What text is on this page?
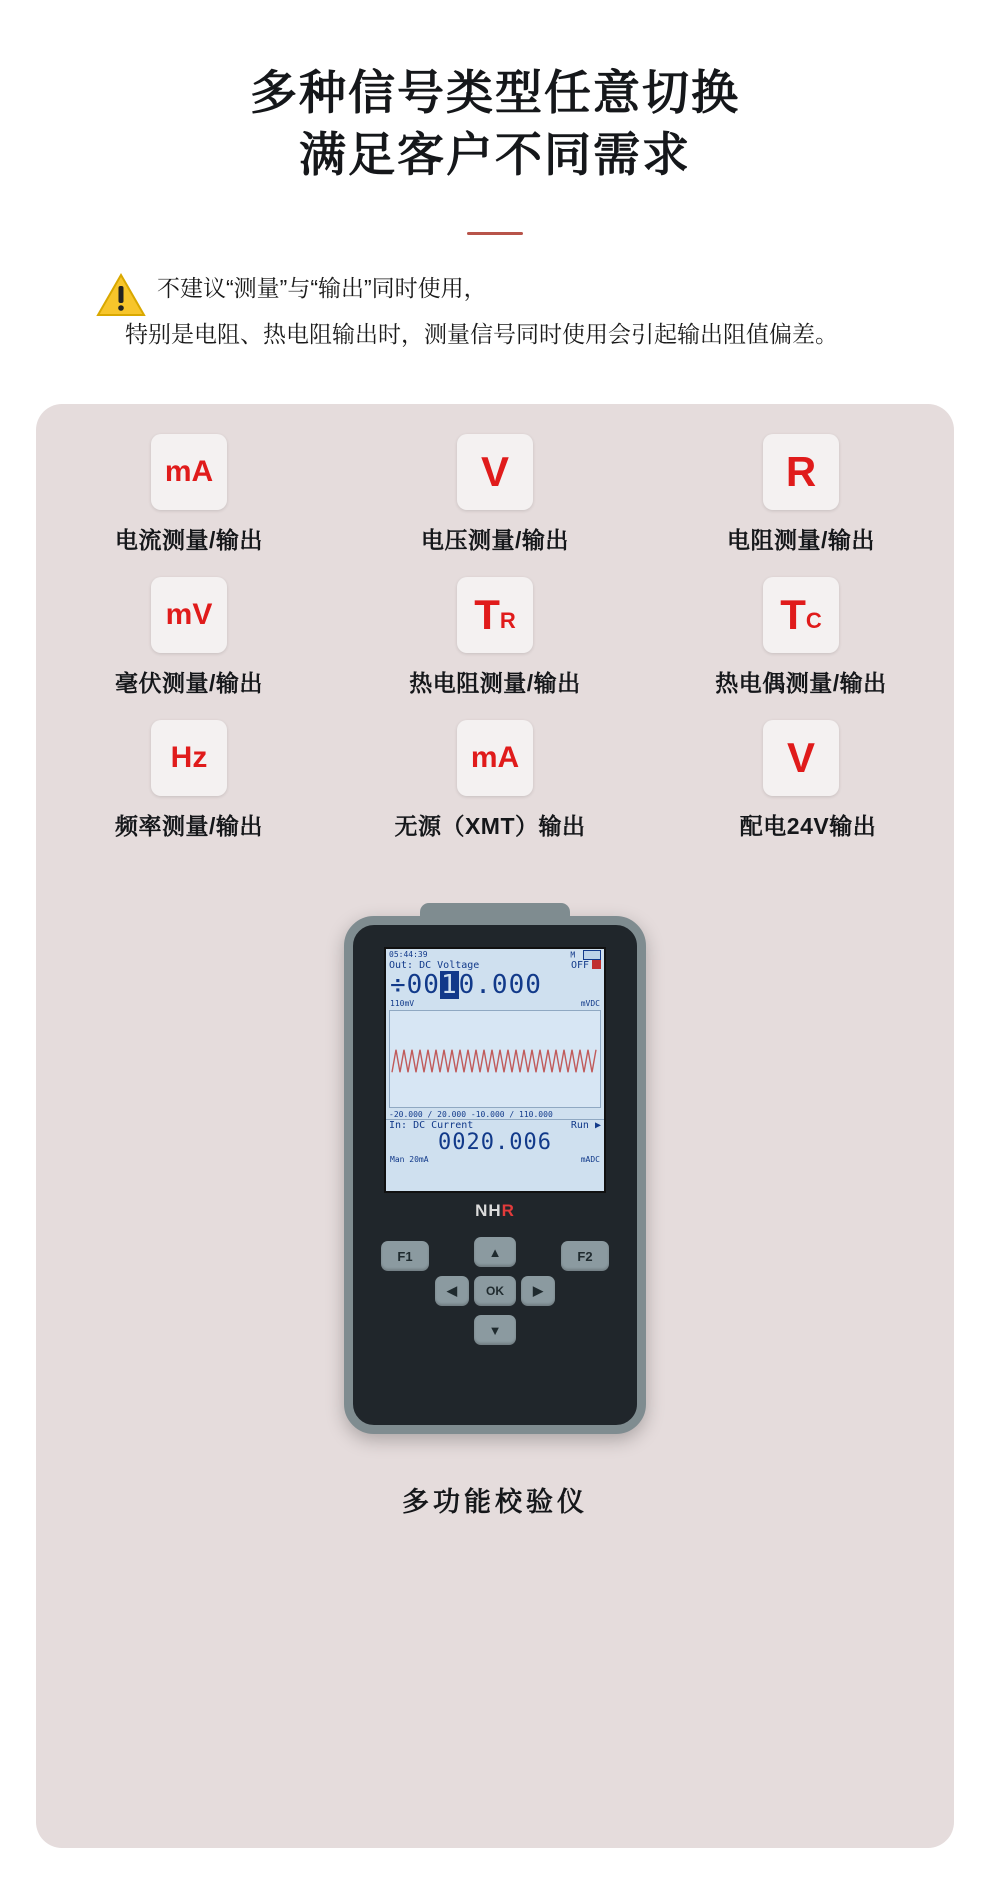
多种信号类型任意切换
满足客户不同需求
不建议“测量”与“输出”同时使用，
特别是电阻、热电阻输出时，测量信号同时使用会引起输出阻值偏差。
mA
电流测量/输出
V
电压测量/输出
R
电阻测量/输出
mV
毫伏测量/输出
T R
热电阻测量/输出
T C
热电偶测量/输出
Hz
频率测量/输出
mA
无源（XMT）输出
V
配电24V输出
05:44:39	M
Out: DC Voltage	OFF
÷0010.000
110mV	mVDC
-20.000 / 20.000 -10.000 / 110.000
In: DC Current	Run ▶
0020.006
Man 20mA	mADC
NHR
F1	F2
▲
◀	OK	▶
▼
多功能校验仪
